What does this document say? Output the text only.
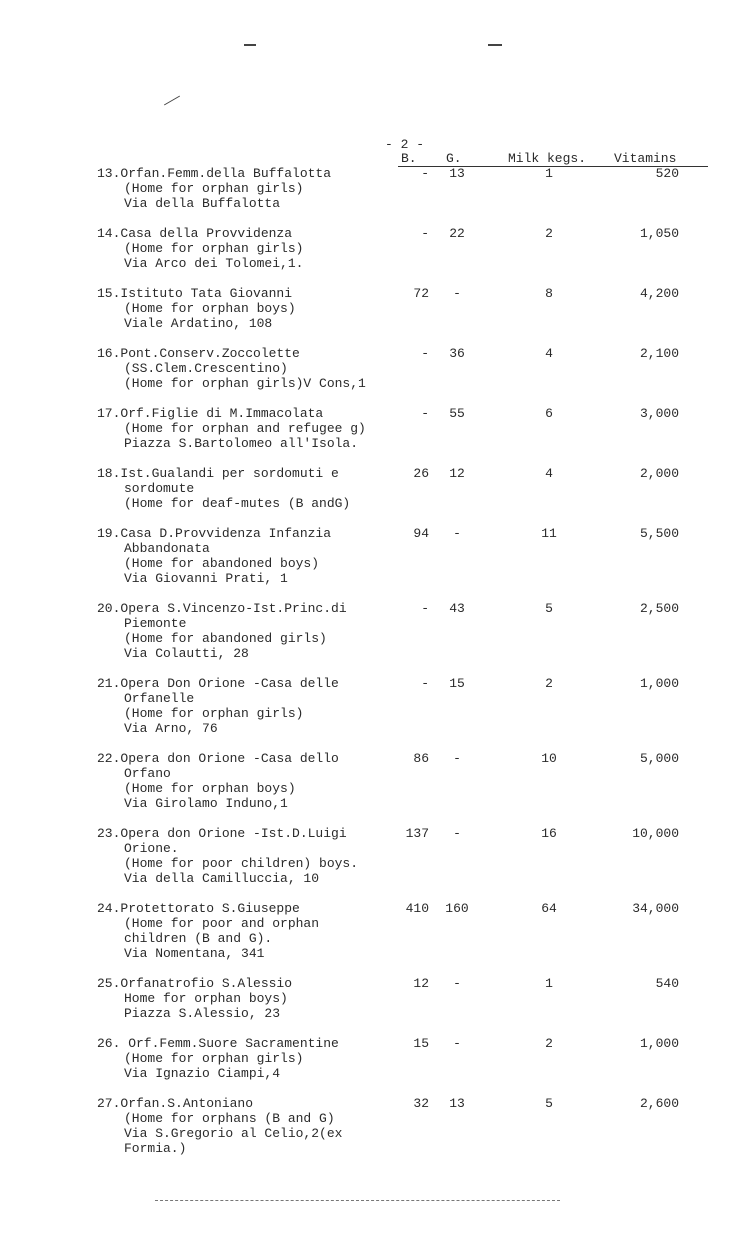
- 2 -
B. G.	Milk kegs. Vitamins
13.Orfan.Femm.della Buffalotta
(Home for orphan girls)
Via della Buffalotta
-	13	1	520
14.Casa della Provvidenza
(Home for orphan girls)
Via Arco dei Tolomei,1.
-	22	2	1,050
15.Istituto Tata Giovanni
(Home for orphan boys)
Viale Ardatino, 108
72	-	8	4,200
16.Pont.Conserv.Zoccolette
(SS.Clem.Crescentino)
(Home for orphan girls)V Cons,1
-	36	4	2,100
17.Orf.Figlie di M.Immacolata
(Home for orphan and refugee g)
Piazza S.Bartolomeo all'Isola.
-	55	6	3,000
18.Ist.Gualandi per sordomuti e
sordomute
(Home for deaf-mutes (B andG)
26	12	4	2,000
19.Casa D.Provvidenza Infanzia
Abbandonata
(Home for abandoned boys)
Via Giovanni Prati, 1
94	-	11	5,500
20.Opera S.Vincenzo-Ist.Princ.di
Piemonte
(Home for abandoned girls)
Via Colautti, 28
-	43	5	2,500
21.Opera Don Orione -Casa delle
Orfanelle
(Home for orphan girls)
Via Arno, 76
-	15	2	1,000
22.Opera don Orione -Casa dello
Orfano
(Home for orphan boys)
Via Girolamo Induno,1
86	-	10	5,000
23.Opera don Orione -Ist.D.Luigi
Orione.
(Home for poor children) boys.
Via della Camilluccia, 10
137	-	16	10,000
24.Protettorato S.Giuseppe
(Home for poor and orphan
children (B and G).
Via Nomentana, 341
410 160	64	34,000
25.Orfanatrofio S.Alessio
Home for orphan boys)
Piazza S.Alessio, 23
12	-	1	540
26. Orf.Femm.Suore Sacramentine
(Home for orphan girls)
Via Ignazio Ciampi,4
15	-	2	1,000
27.Orfan.S.Antoniano
(Home for orphans (B and G)
Via S.Gregorio al Celio,2(ex
Formia.)
32	13	5	2,600
